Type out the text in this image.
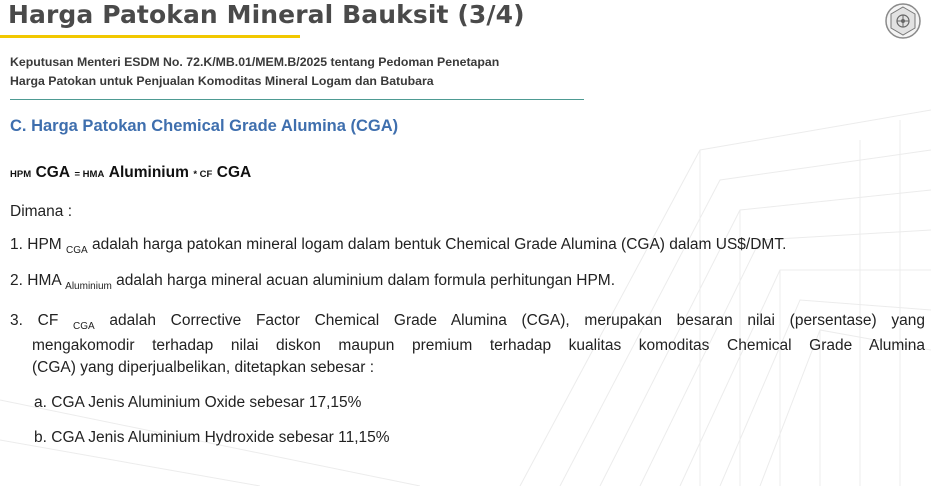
Harga Patokan Mineral Bauksit (3/4)
Keputusan Menteri ESDM No. 72.K/MB.01/MEM.B/2025 tentang Pedoman Penetapan
Harga Patokan untuk Penjualan Komoditas Mineral Logam dan Batubara
C. Harga Patokan Chemical Grade Alumina (CGA)
HPM CGA = HMA Aluminium * CF CGA
Dimana :
1. HPM $_{CGA}$ adalah harga patokan mineral logam dalam bentuk Chemical Grade Alumina (CGA) dalam US$/DMT.
2. HMA $_{Aluminium}$ adalah harga mineral acuan aluminium dalam formula perhitungan HPM.
3. CF $_{CGA}$ adalah Corrective Factor Chemical Grade Alumina (CGA), merupakan besaran nilai (persentase) yang
mengakomodir terhadap nilai diskon maupun premium terhadap kualitas komoditas Chemical Grade Alumina
(CGA) yang diperjualbelikan, ditetapkan sebesar :
a. CGA Jenis Aluminium Oxide sebesar 17,15%
b. CGA Jenis Aluminium Hydroxide sebesar 11,15%
